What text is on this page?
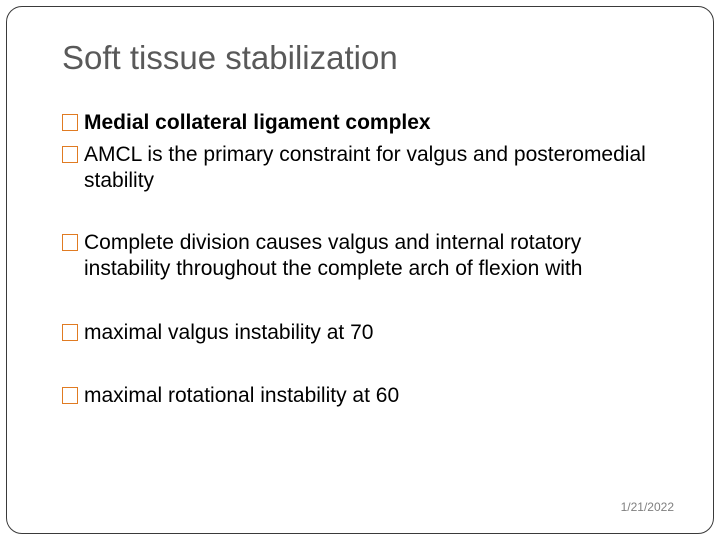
Soft tissue stabilization
Medial collateral ligament complex
AMCL is the primary constraint for valgus and posteromedial stability
Complete division causes valgus and internal rotatory instability throughout the complete arch of flexion with
maximal valgus instability at 70
maximal rotational instability at 60
1/21/2022
